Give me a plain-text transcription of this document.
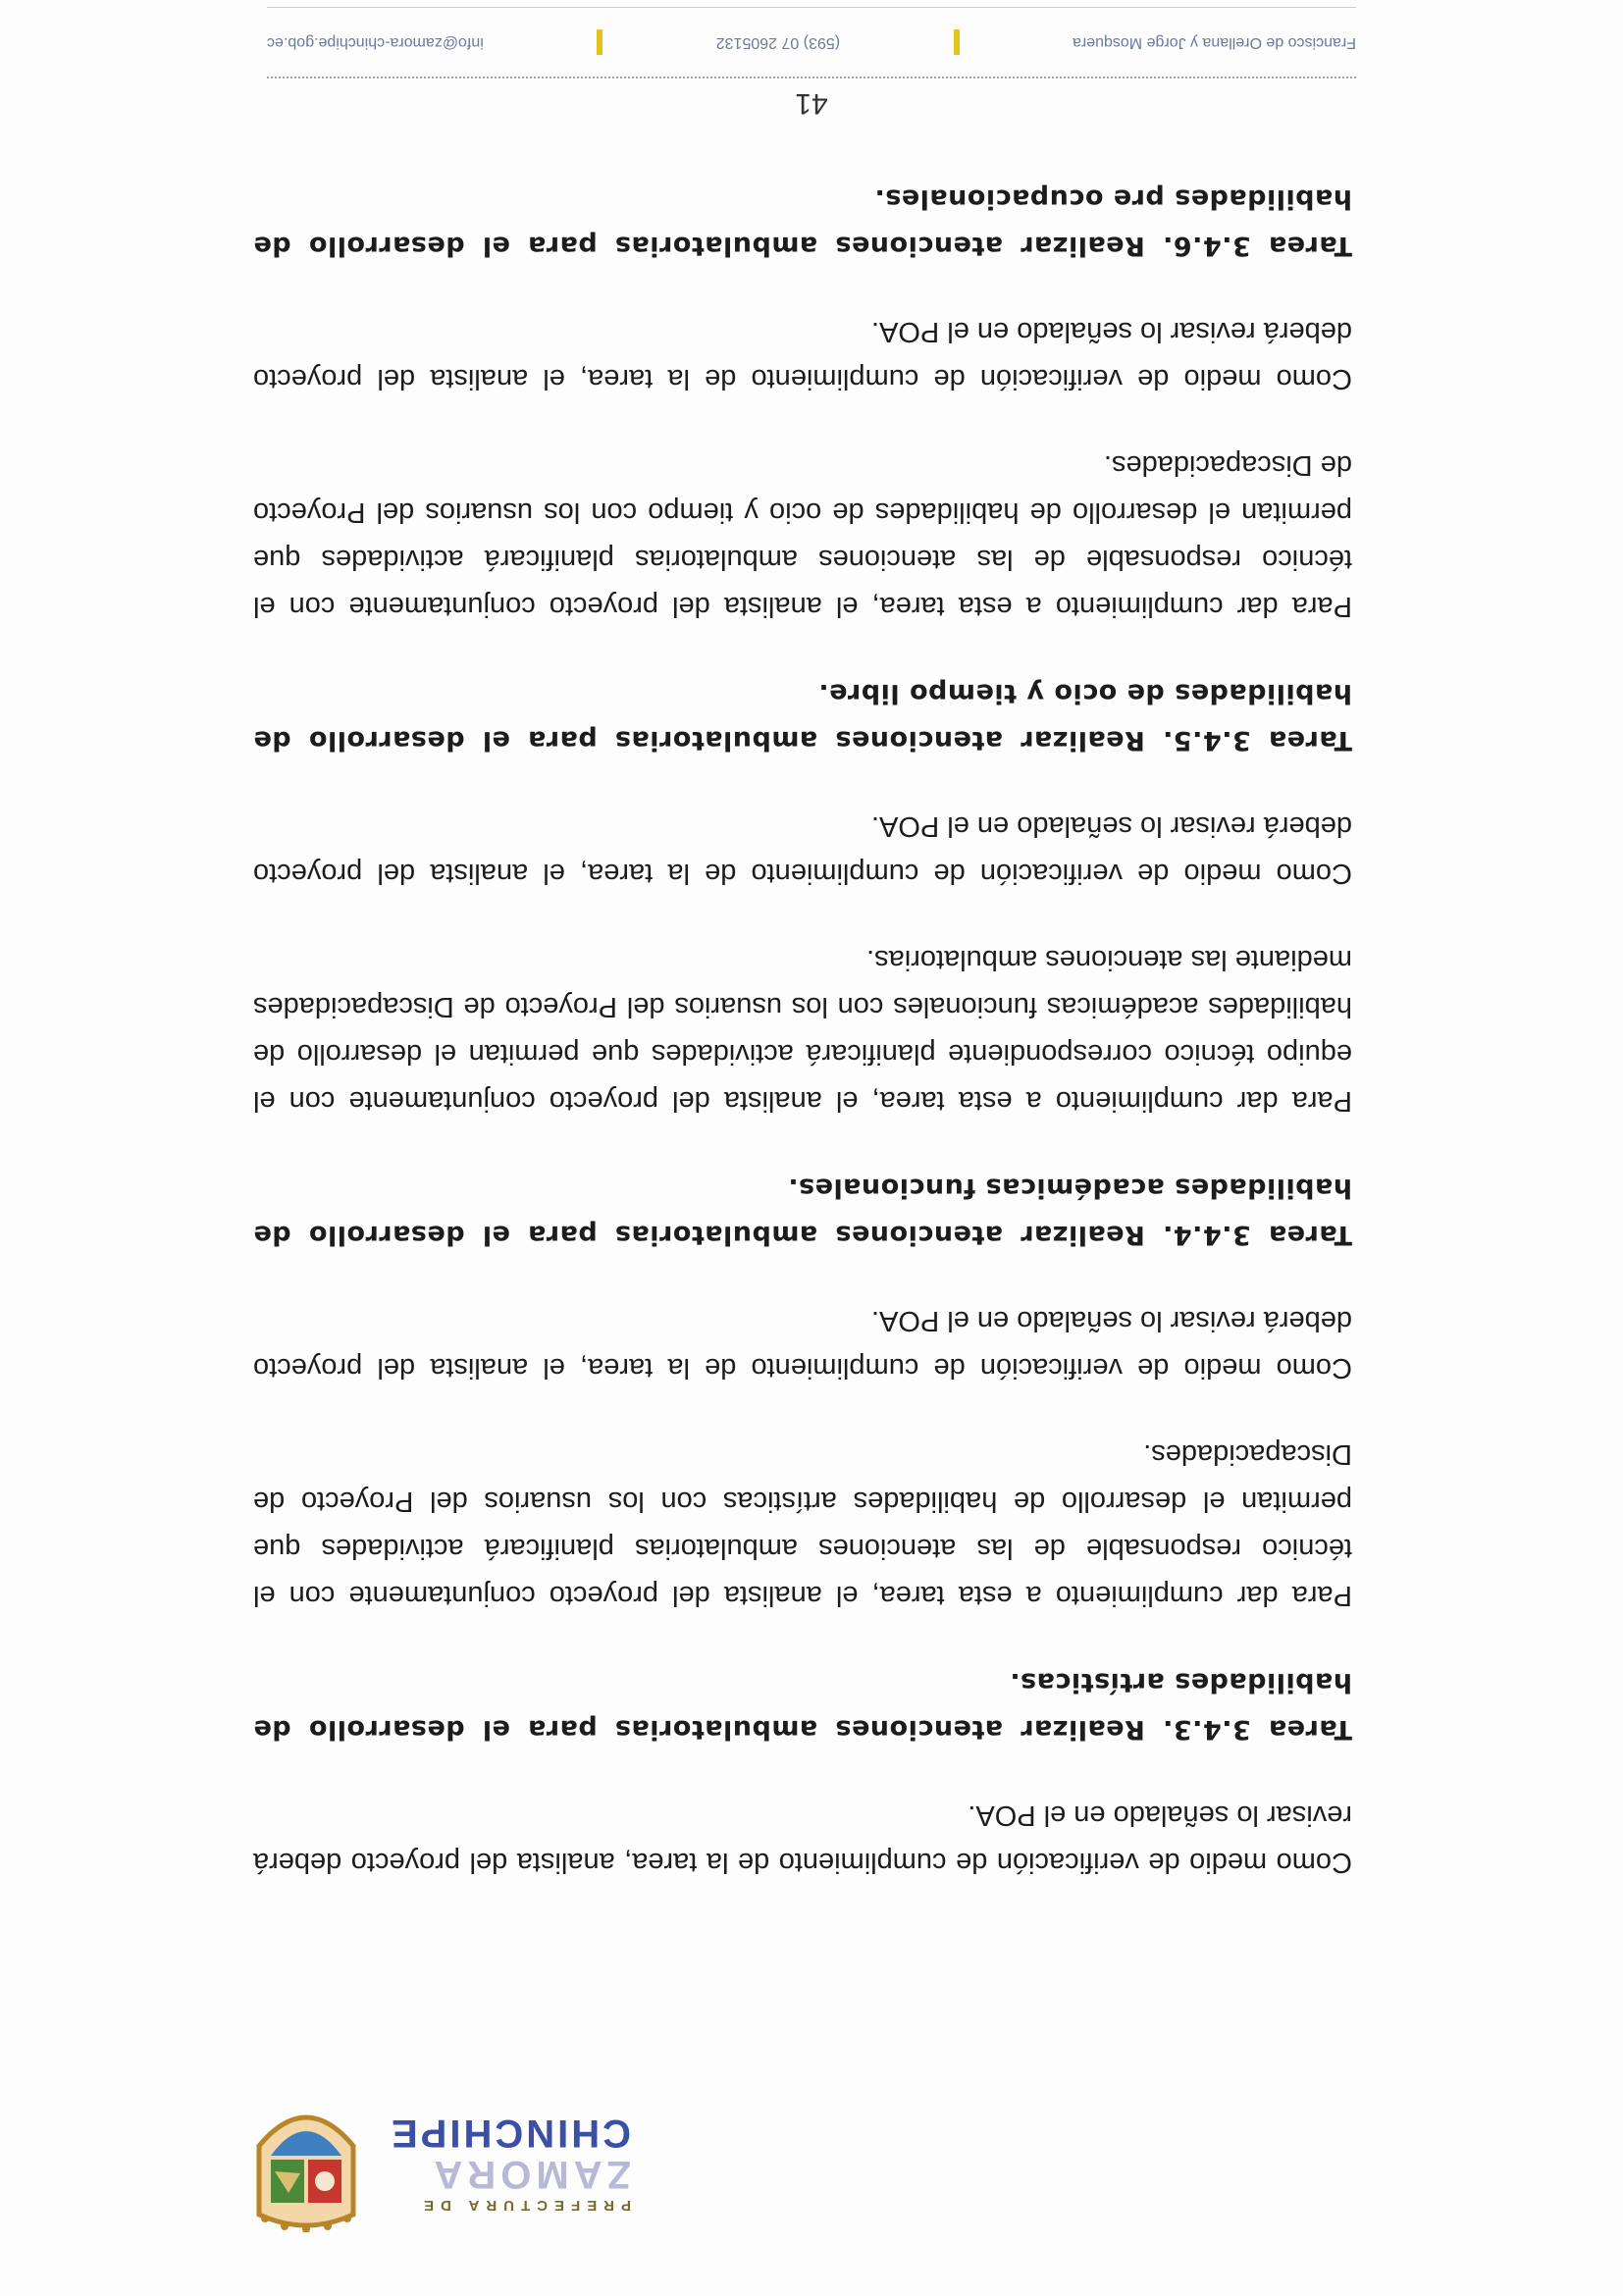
PREFECTURA DE
ZAMORA
CHINCHIPE

Como medio de verificación de cumplimiento de la tarea, analista del proyecto deberá revisar lo señalado en el POA.

Tarea 3.4.3. Realizar atenciones ambulatorias para el desarrollo de habilidades artísticas.

Para dar cumplimiento a esta tarea, el analista del proyecto conjuntamente con el técnico responsable de las atenciones ambulatorias planificará actividades que permitan el desarrollo de habilidades artísticas con los usuarios del Proyecto de Discapacidades.

Como medio de verificación de cumplimiento de la tarea, el analista del proyecto deberá revisar lo señalado en el POA.

Tarea 3.4.4. Realizar atenciones ambulatorias para el desarrollo de habilidades académicas funcionales.

Para dar cumplimiento a esta tarea, el analista del proyecto conjuntamente con el equipo técnico correspondiente planificará actividades que permitan el desarrollo de habilidades académicas funcionales con los usuarios del Proyecto de Discapacidades mediante las atenciones ambulatorias.

Como medio de verificación de cumplimiento de la tarea, el analista del proyecto deberá revisar lo señalado en el POA.

Tarea 3.4.5. Realizar atenciones ambulatorias para el desarrollo de habilidades de ocio y tiempo libre.

Para dar cumplimiento a esta tarea, el analista del proyecto conjuntamente con el técnico responsable de las atenciones ambulatorias planificará actividades que permitan el desarrollo de habilidades de ocio y tiempo con los usuarios del Proyecto de Discapacidades.

Como medio de verificación de cumplimiento de la tarea, el analista del proyecto deberá revisar lo señalado en el POA.

Tarea 3.4.6. Realizar atenciones ambulatorias para el desarrollo de habilidades pre ocupacionales.

41
Francisco de Orellana y Jorge Mosquera
(593) 07 2605132
info@zamora-chinchipe.gob.ec
